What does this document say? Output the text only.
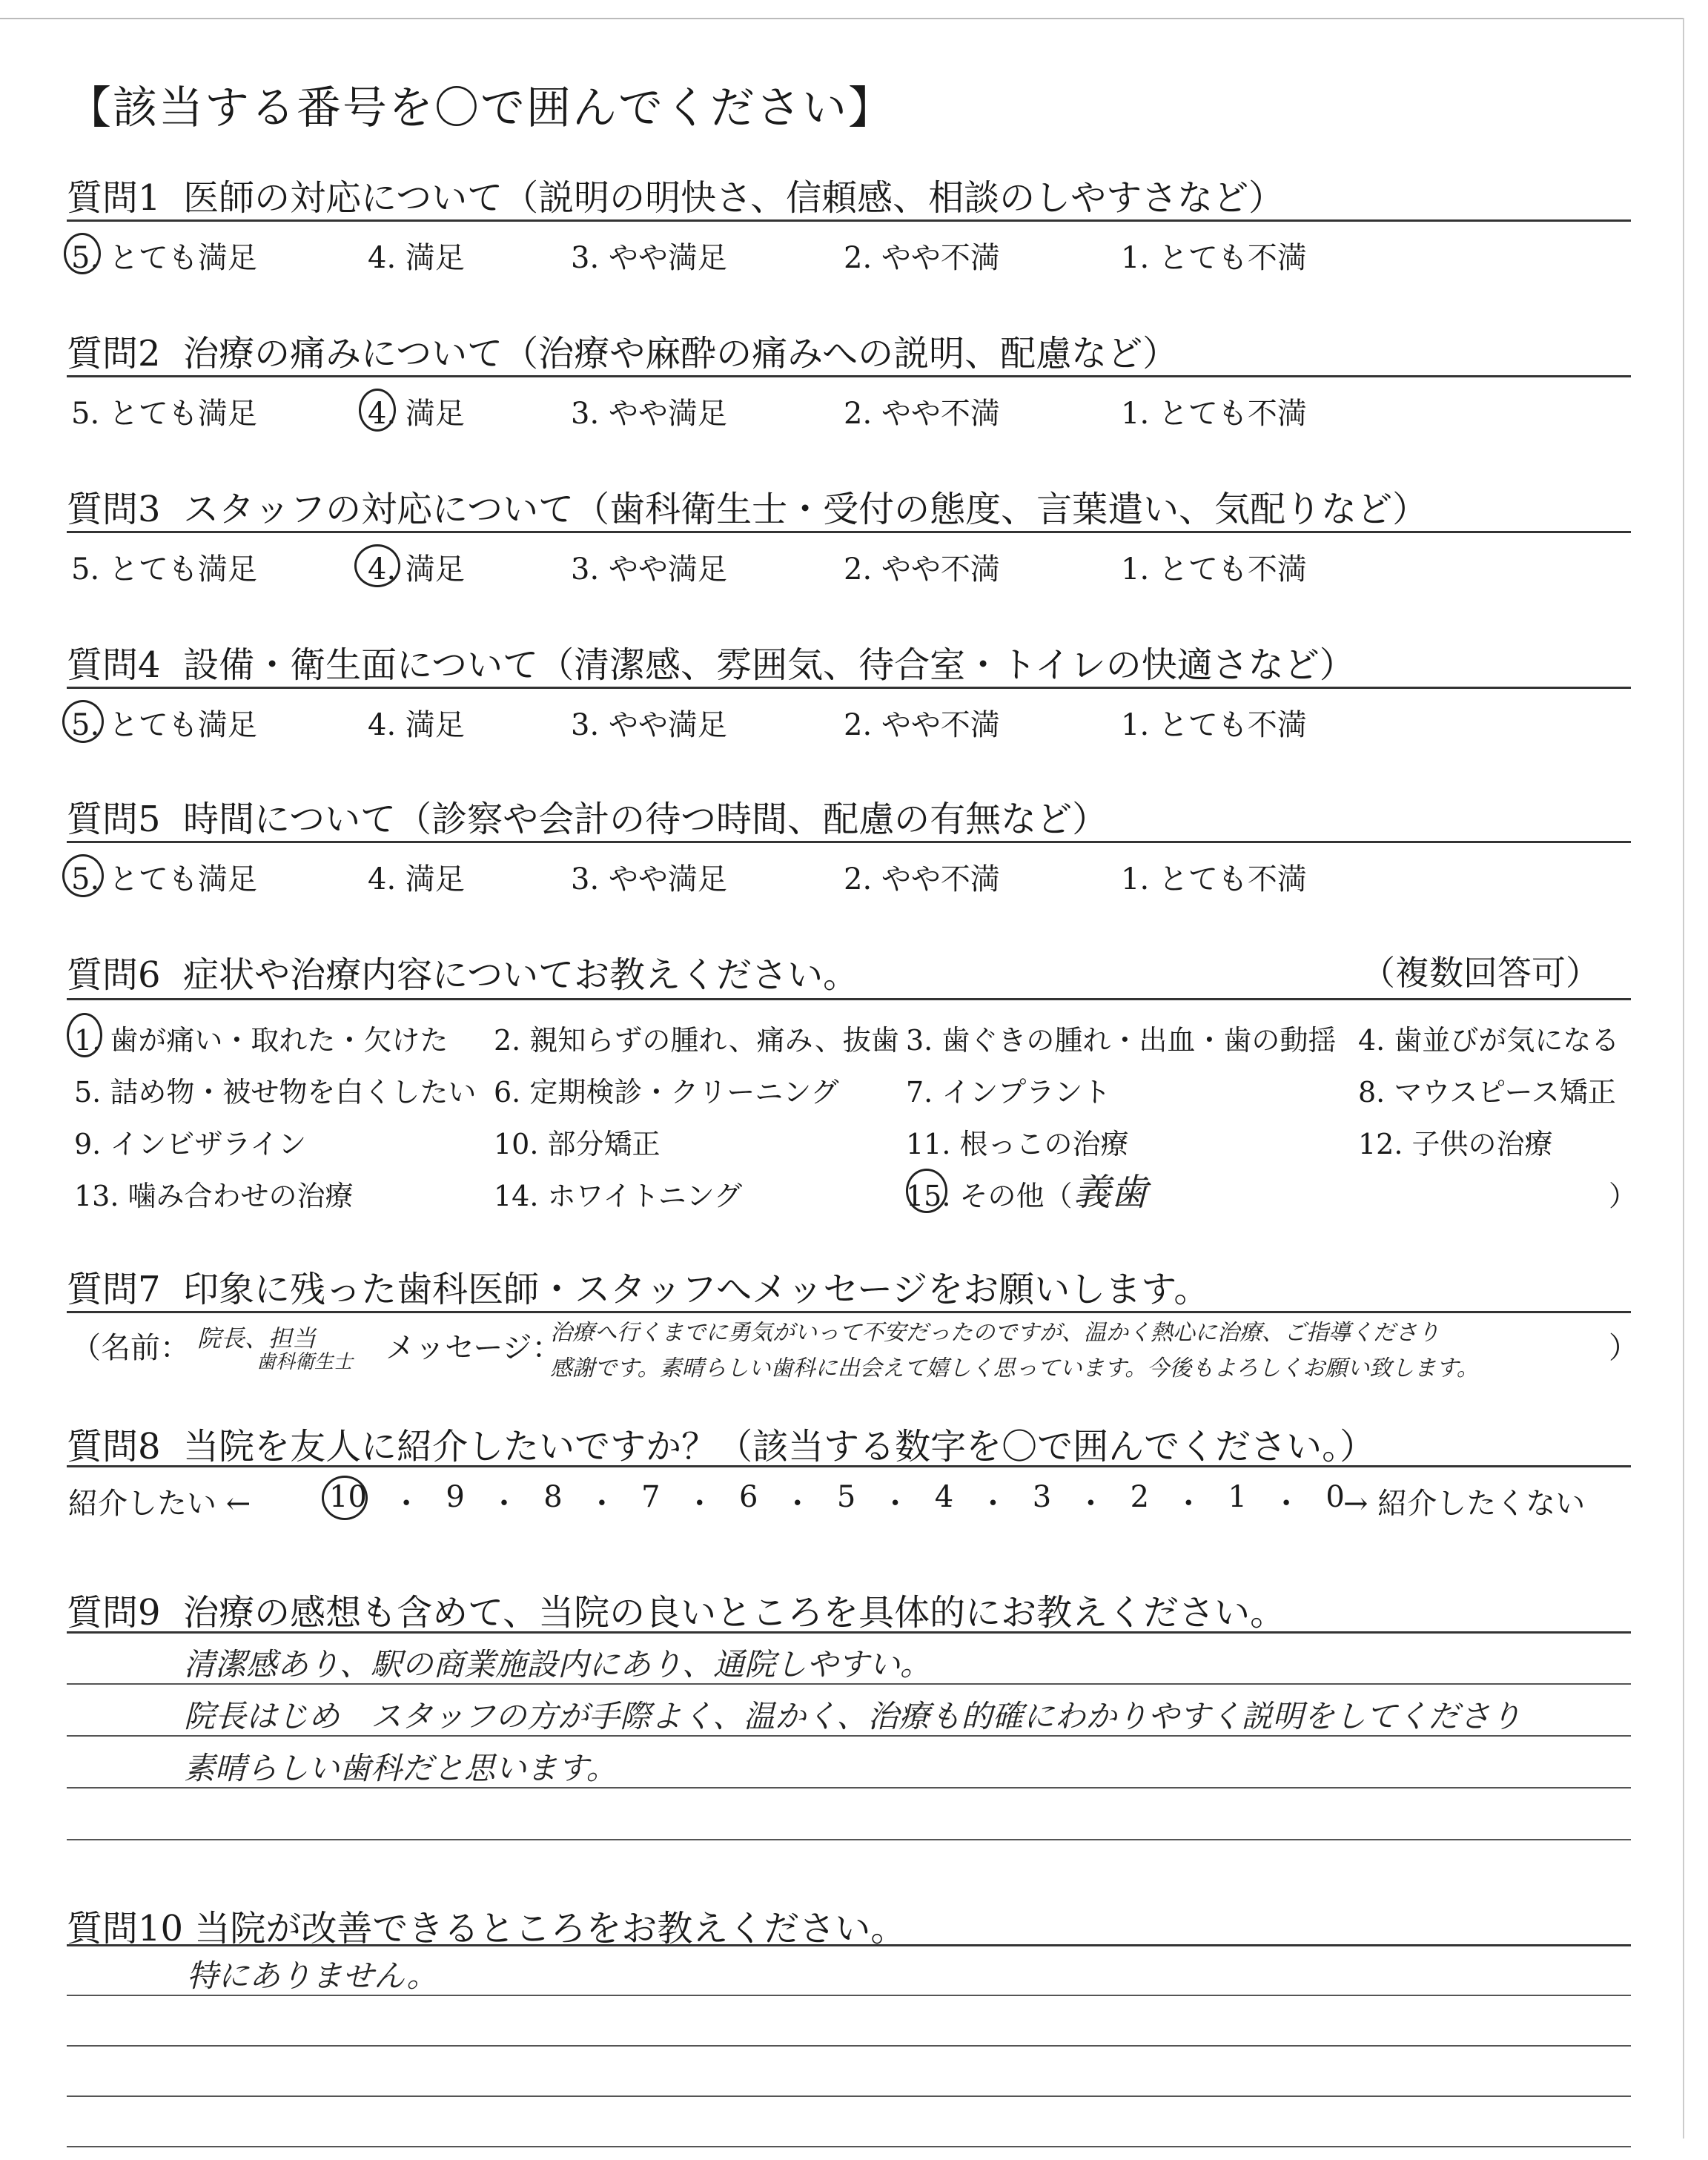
【該当する番号を〇で囲んでください】
質問1 医師の対応について（説明の明快さ、信頼感、相談のしやすさなど）
5. とても満足	4. 満足	3. やや満足	2. やや不満	1. とても不満
質問2 治療の痛みについて（治療や麻酔の痛みへの説明、配慮など）
5. とても満足	4. 満足	3. やや満足	2. やや不満	1. とても不満
質問3 スタッフの対応について（歯科衛生士・受付の態度、言葉遣い、気配りなど）
5. とても満足	4. 満足	3. やや満足	2. やや不満	1. とても不満
質問4 設備・衛生面について（清潔感、雰囲気、待合室・トイレの快適さなど）
5. とても満足	4. 満足	3. やや満足	2. やや不満	1. とても不満
質問5 時間について（診察や会計の待つ時間、配慮の有無など）
5. とても満足	4. 満足	3. やや満足	2. やや不満	1. とても不満
質問6 症状や治療内容についてお教えください。	（複数回答可）
1. 歯が痛い・取れた・欠けた 2. 親知らずの腫れ、痛み、抜歯 3. 歯ぐきの腫れ・出血・歯の動揺 4. 歯並びが気になる
5. 詰め物・被せ物を白くしたい 6. 定期検診・クリーニング 7. インプラント	8. マウスピース矯正
9. インビザライン	10. 部分矯正	11. 根っこの治療	12. 子供の治療
13. 噛み合わせの治療	14. ホワイトニング	15. その他（ 義歯	）
質問7 印象に残った歯科医師・スタッフへメッセージをお願いします。
（名前： 院長、担当
歯科衛生士 メッセージ：
治療へ行くまでに勇気がいって不安だったのですが、温かく熱心に治療、ご指導くださり
感謝です。素晴らしい歯科に出会えて嬉しく思っています。今後もよろしくお願い致します。
）
質問8 当院を友人に紹介したいですか？（該当する数字を〇で囲んでください。）
紹介したい ←	10 ・ 9 ・ 8 ・ 7 ・ 6 ・ 5 ・ 4 ・ 3 ・ 2 ・ 1 ・ 0
→ 紹介したくない
質問9 治療の感想も含めて、当院の良いところを具体的にお教えください。
清潔感あり、駅の商業施設内にあり、通院しやすい。
院長はじめ　スタッフの方が手際よく、温かく、治療も的確にわかりやすく説明をしてくださり
素晴らしい歯科だと思います。
質問10 当院が改善できるところをお教えください。
特にありません。
